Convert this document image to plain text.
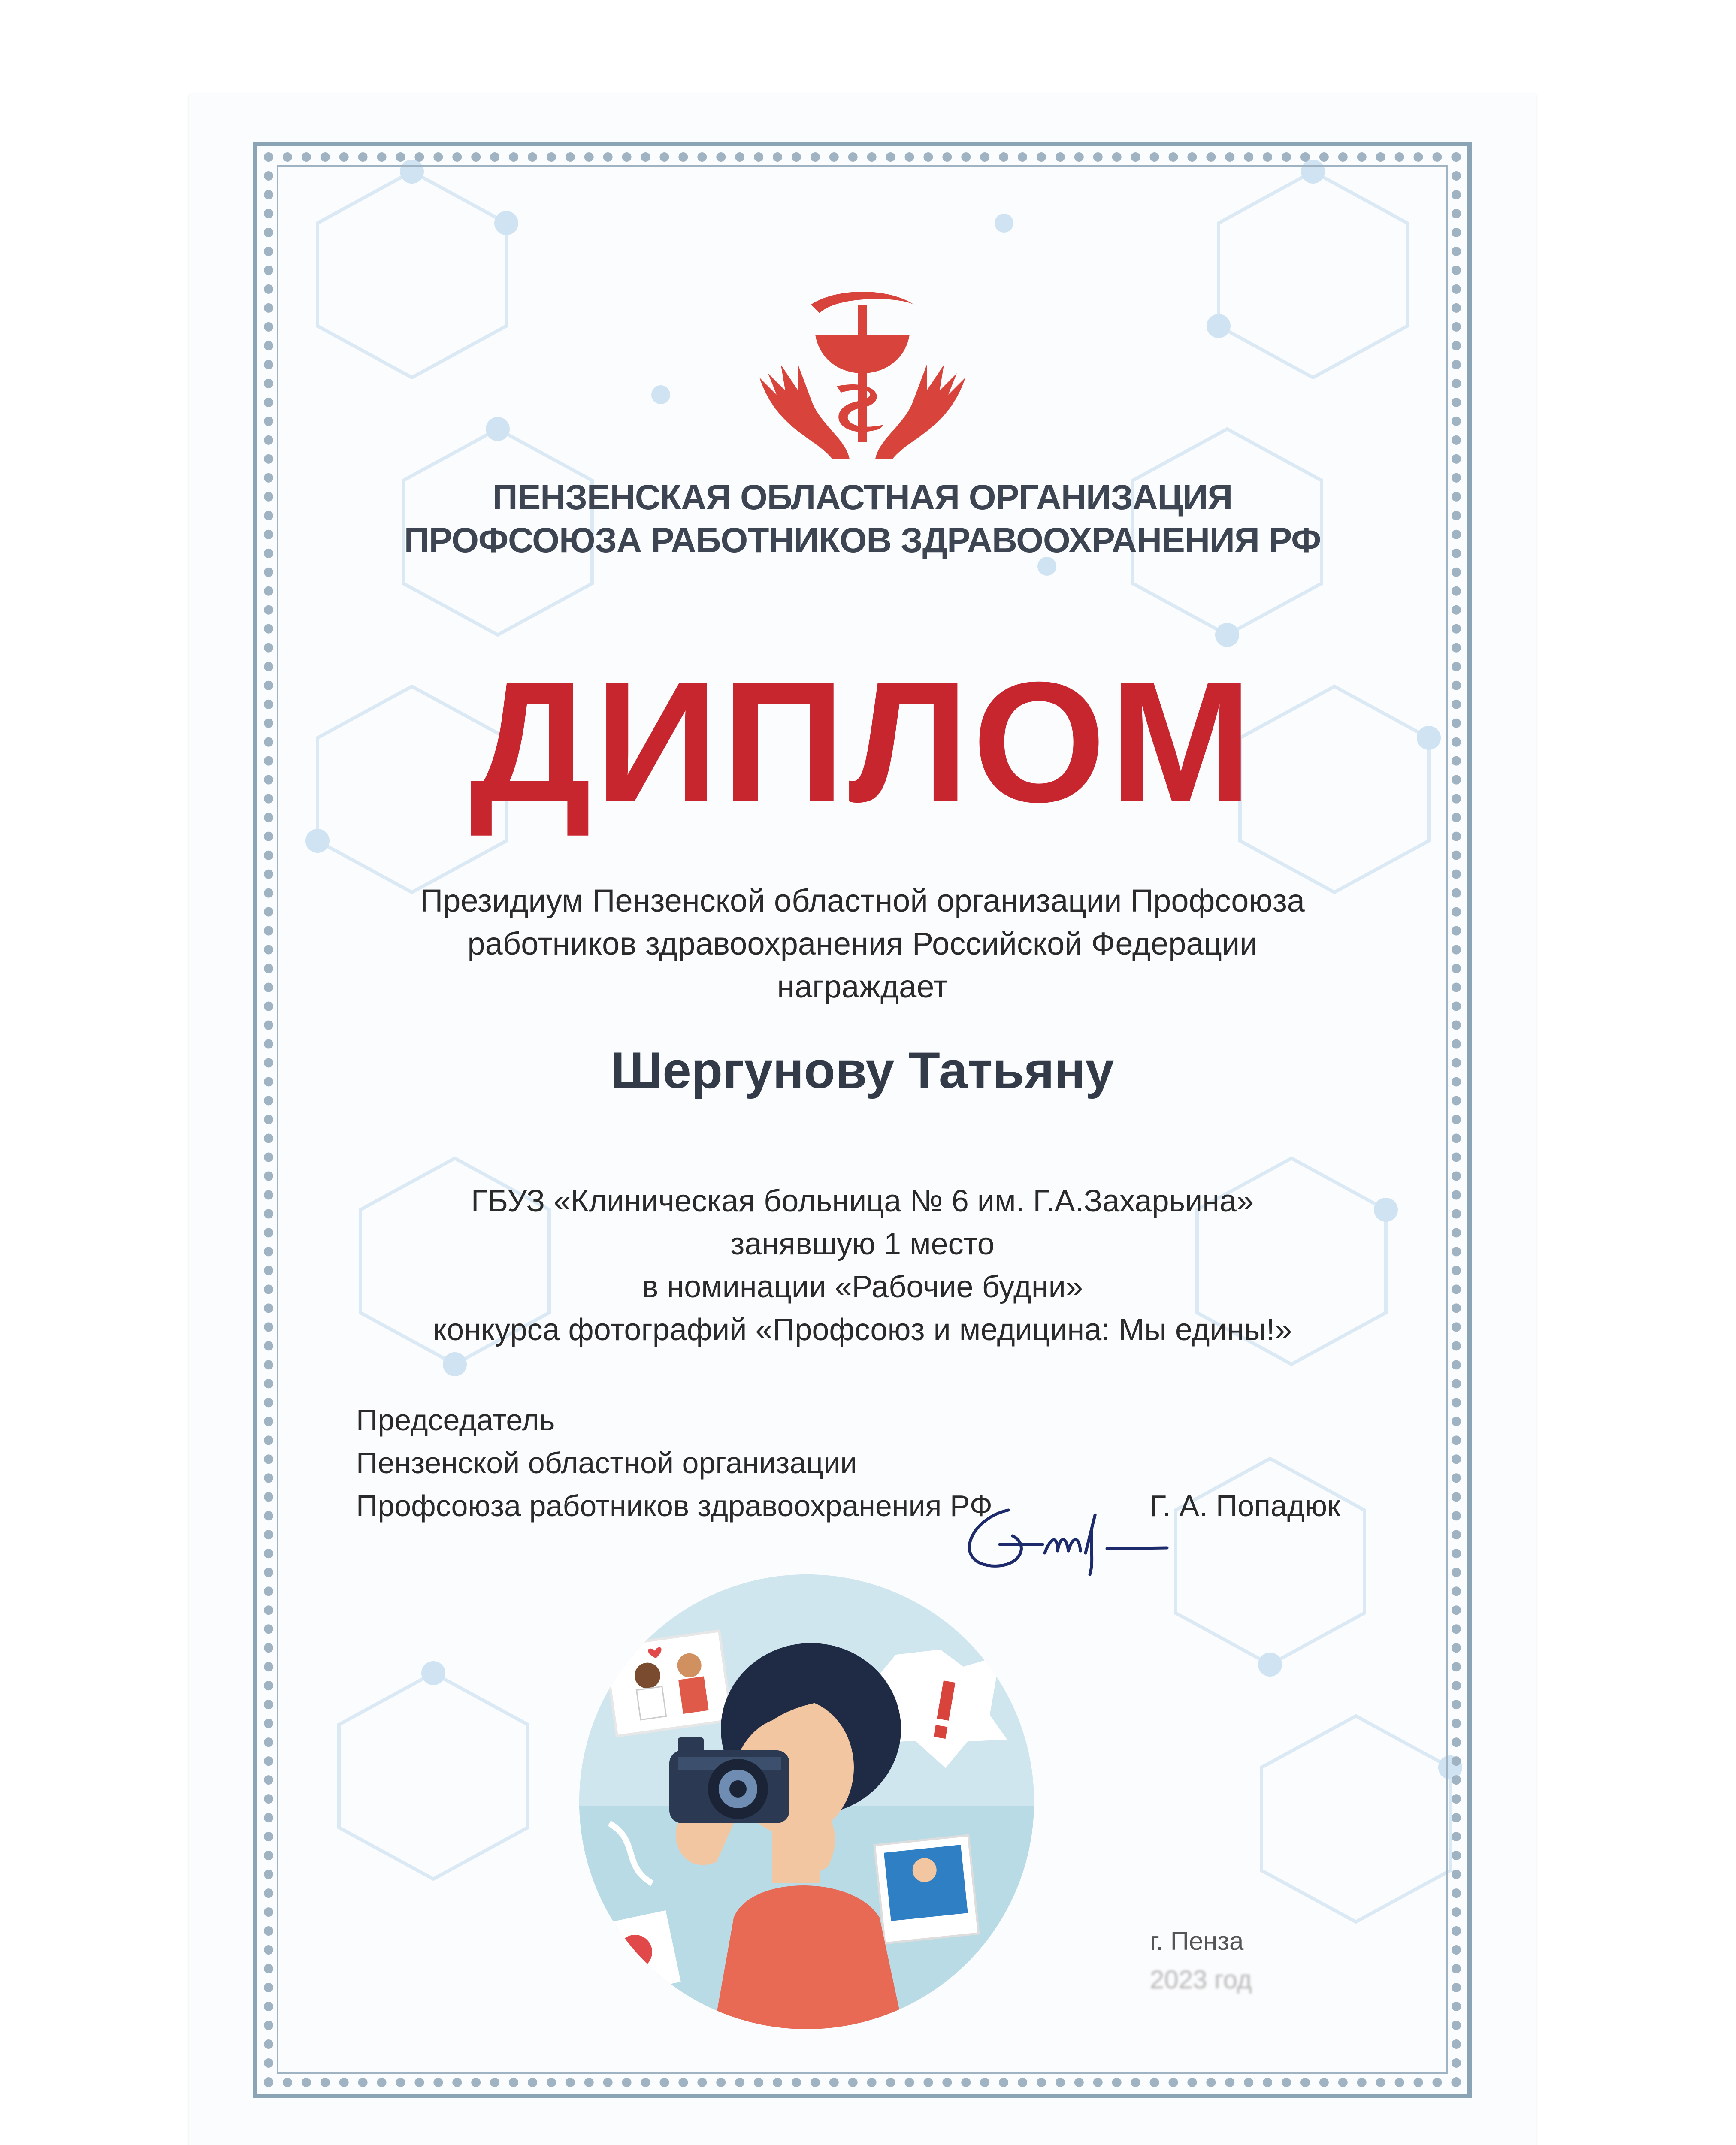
ПЕНЗЕНСКАЯ ОБЛАСТНАЯ ОРГАНИЗАЦИЯ
ПРОФСОЮЗА РАБОТНИКОВ ЗДРАВООХРАНЕНИЯ РФ
ДИПЛОМ
Президиум Пензенской областной организации Профсоюза
работников здравоохранения Российской Федерации
награждает
Шергунову Татьяну
ГБУЗ «Клиническая больница № 6 им. Г.А.Захарьина»
занявшую 1 место
в номинации «Рабочие будни»
конкурса фотографий «Профсоюз и медицина: Мы едины!»
Председатель
Пензенской областной организации
Профсоюза работников здравоохранения РФ	Г. А. Попадюк
г. Пенза
2023 год
